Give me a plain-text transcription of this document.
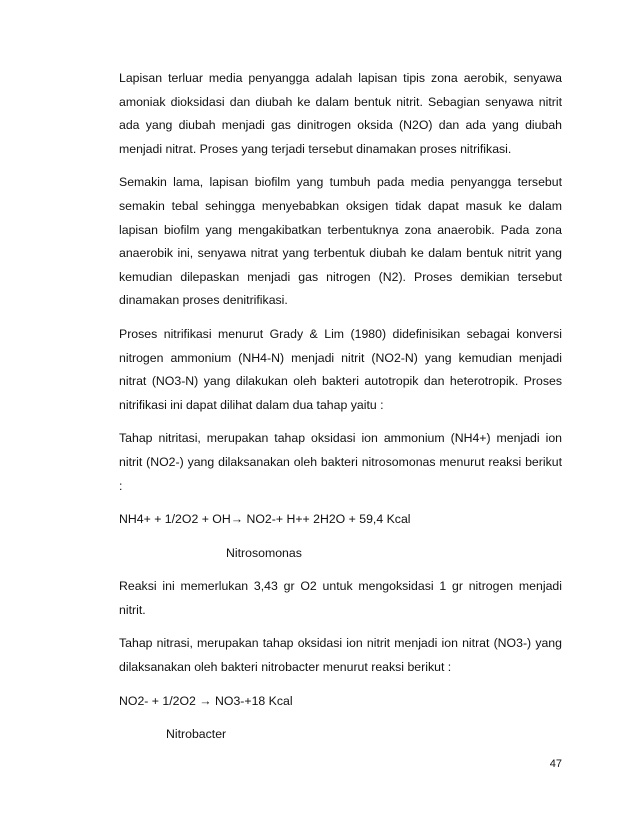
Lapisan terluar media penyangga adalah lapisan tipis zona aerobik, senyawa amoniak dioksidasi dan diubah ke dalam bentuk nitrit. Sebagian senyawa nitrit ada yang diubah menjadi gas dinitrogen oksida (N2O) dan ada yang diubah menjadi nitrat. Proses yang terjadi tersebut dinamakan proses nitrifikasi.

Semakin lama, lapisan biofilm yang tumbuh pada media penyangga tersebut semakin tebal sehingga menyebabkan oksigen tidak dapat masuk ke dalam lapisan biofilm yang mengakibatkan terbentuknya zona anaerobik. Pada zona anaerobik ini, senyawa nitrat yang terbentuk diubah ke dalam bentuk nitrit yang kemudian dilepaskan menjadi gas nitrogen (N2). Proses demikian tersebut dinamakan proses denitrifikasi.

Proses nitrifikasi menurut Grady & Lim (1980) didefinisikan sebagai konversi nitrogen ammonium (NH4-N) menjadi nitrit (NO2-N) yang kemudian menjadi nitrat (NO3-N) yang dilakukan oleh bakteri autotropik dan heterotropik. Proses nitrifikasi ini dapat dilihat dalam dua tahap yaitu :

Tahap nitritasi, merupakan tahap oksidasi ion ammonium (NH4+) menjadi ion nitrit (NO2-) yang dilaksanakan oleh bakteri nitrosomonas menurut reaksi berikut :

NH4+ + 1/2O2 + OH→ NO2-+ H++ 2H2O + 59,4 Kcal
Nitrosomonas

Reaksi ini memerlukan 3,43 gr O2 untuk mengoksidasi 1 gr nitrogen menjadi nitrit.

Tahap nitrasi, merupakan tahap oksidasi ion nitrit menjadi ion nitrat (NO3-) yang dilaksanakan oleh bakteri nitrobacter menurut reaksi berikut :

NO2- + 1/2O2 → NO3-+18 Kcal
Nitrobacter
47
